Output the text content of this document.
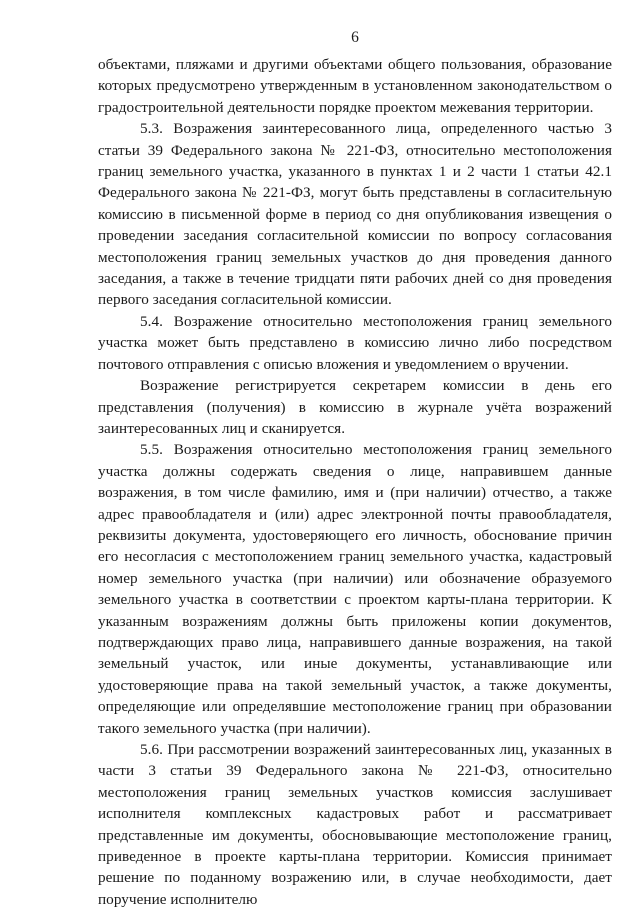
6

объектами, пляжами и другими объектами общего пользования, образование которых предусмотрено утвержденным в установленном законодательством о градостроительной деятельности порядке проектом межевания территории.

5.3. Возражения заинтересованного лица, определенного частью 3 статьи 39 Федерального закона № 221-ФЗ, относительно местоположения границ земельного участка, указанного в пунктах 1 и 2 части 1 статьи 42.1 Федерального закона № 221-ФЗ, могут быть представлены в согласительную комиссию в письменной форме в период со дня опубликования извещения о проведении заседания согласительной комиссии по вопросу согласования местоположения границ земельных участков до дня проведения данного заседания, а также в течение тридцати пяти рабочих дней со дня проведения первого заседания согласительной комиссии.

5.4. Возражение относительно местоположения границ земельного участка может быть представлено в комиссию лично либо посредством почтового отправления с описью вложения и уведомлением о вручении.

Возражение регистрируется секретарем комиссии в день его представления (получения) в комиссию в журнале учёта возражений заинтересованных лиц и сканируется.

5.5. Возражения относительно местоположения границ земельного участка должны содержать сведения о лице, направившем данные возражения, в том числе фамилию, имя и (при наличии) отчество, а также адрес правообладателя и (или) адрес электронной почты правообладателя, реквизиты документа, удостоверяющего его личность, обоснование причин его несогласия с местоположением границ земельного участка, кадастровый номер земельного участка (при наличии) или обозначение образуемого земельного участка в соответствии с проектом карты-плана территории. К указанным возражениям должны быть приложены копии документов, подтверждающих право лица, направившего данные возражения, на такой земельный участок, или иные документы, устанавливающие или удостоверяющие права на такой земельный участок, а также документы, определяющие или определявшие местоположение границ при образовании такого земельного участка (при наличии).

5.6. При рассмотрении возражений заинтересованных лиц, указанных в части 3 статьи 39 Федерального закона № 221-ФЗ, относительно местоположения границ земельных участков комиссия заслушивает исполнителя комплексных кадастровых работ и рассматривает представленные им документы, обосновывающие местоположение границ, приведенное в проекте карты-плана территории. Комиссия принимает решение по поданному возражению или, в случае необходимости, дает поручение исполнителю
